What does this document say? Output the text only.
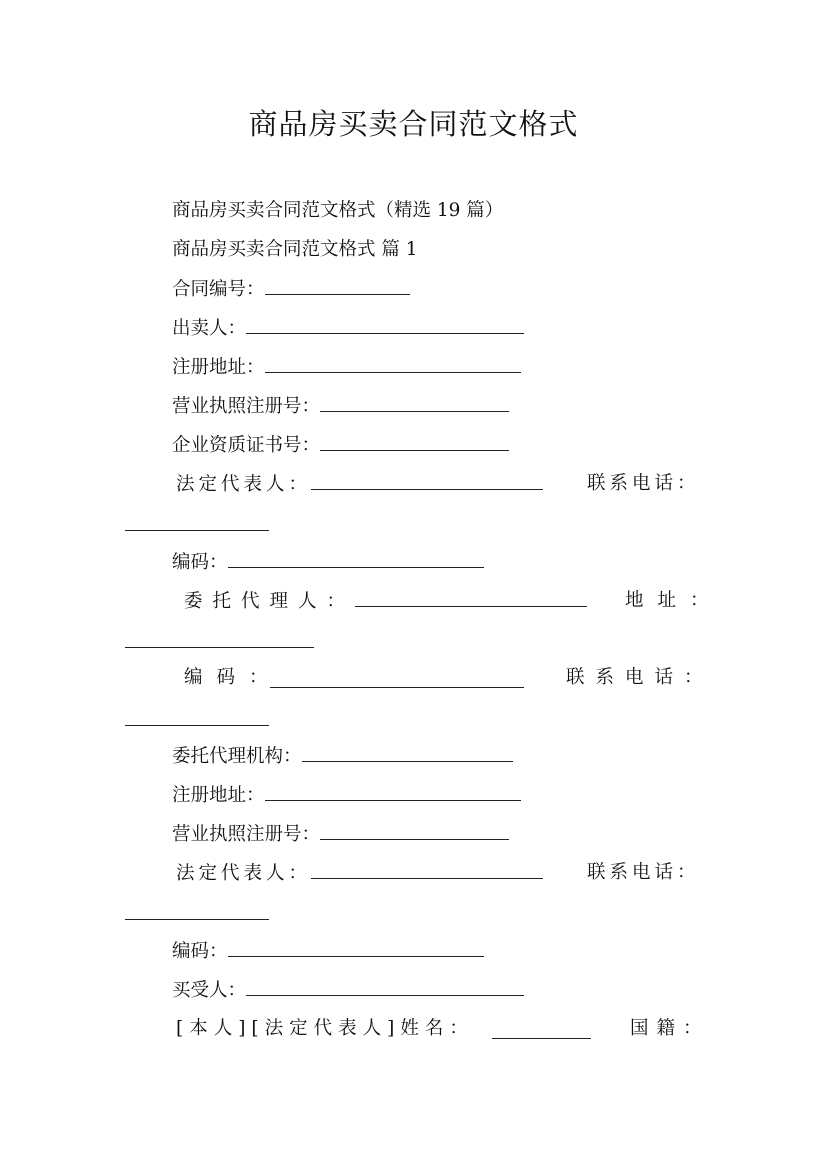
商品房买卖合同范文格式
商品房买卖合同范文格式（精选 19 篇）
商品房买卖合同范文格式 篇 1
合同编号：
出卖人：
注册地址：
营业执照注册号：
企业资质证书号：
法定代表人：	联系电话：
编码：
委托代理人：	地址：
编码：	联系电话：
委托代理机构：
注册地址：
营业执照注册号：
法定代表人：	联系电话：
编码：
买受人：
[本人][法定代表人]姓名：	国籍：
